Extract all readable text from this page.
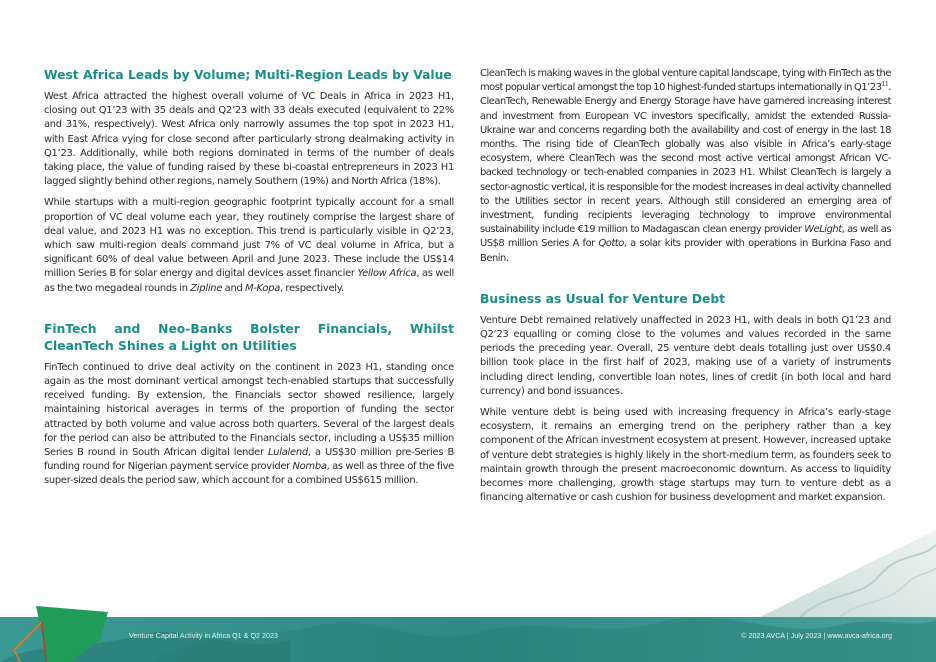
West Africa Leads by Volume; Multi-Region Leads by Value

West Africa attracted the highest overall volume of VC Deals in Africa in 2023 H1, closing out Q1’23 with 35 deals and Q2’23 with 33 deals executed (equivalent to 22% and 31%, respectively). West Africa only narrowly assumes the top spot in 2023 H1, with East Africa vying for close second after particularly strong dealmaking activity in Q1’23. Additionally, while both regions dominated in terms of the number of deals taking place, the value of funding raised by these bi-coastal entrepreneurs in 2023 H1 lagged slightly behind other regions, namely Southern (19%) and North Africa (18%).

While startups with a multi-region geographic footprint typically account for a small proportion of VC deal volume each year, they routinely comprise the largest share of deal value, and 2023 H1 was no exception. This trend is particularly visible in Q2’23, which saw multi-region deals command just 7% of VC deal volume in Africa, but a significant 60% of deal value between April and June 2023. These include the US$14 million Series B for solar energy and digital devices asset financier Yellow Africa, as well as the two megadeal rounds in Zipline and M-Kopa, respectively.

FinTech and Neo-Banks Bolster Financials, Whilst CleanTech Shines a Light on Utilities

FinTech continued to drive deal activity on the continent in 2023 H1, standing once again as the most dominant vertical amongst tech-enabled startups that successfully received funding. By extension, the Financials sector showed resilience, largely maintaining historical averages in terms of the proportion of funding the sector attracted by both volume and value across both quarters. Several of the largest deals for the period can also be attributed to the Financials sector, including a US$35 million Series B round in South African digital lender Lulalend, a US$30 million pre-Series B funding round for Nigerian payment service provider Nomba, as well as three of the five super-sized deals the period saw, which account for a combined US$615 million.

CleanTech is making waves in the global venture capital landscape, tying with FinTech as the most popular vertical amongst the top 10 highest-funded startups internationally in $Q1’23^{11}$. CleanTech, Renewable Energy and Energy Storage have have garnered increasing interest and investment from European VC investors specifically, amidst the extended Russia-Ukraine war and concerns regarding both the availability and cost of energy in the last 18 months. The rising tide of CleanTech globally was also visible in Africa’s early-stage ecosystem, where CleanTech was the second most active vertical amongst African VC-backed technology or tech-enabled companies in 2023 H1. Whilst CleanTech is largely a sector-agnostic vertical, it is responsible for the modest increases in deal activity channelled to the Utilities sector in recent years. Although still considered an emerging area of investment, funding recipients leveraging technology to improve environmental sustainability include €19 million to Madagascan clean energy provider WeLight, as well as US$8 million Series A for Qotto, a solar kits provider with operations in Burkina Faso and Benin.

Business as Usual for Venture Debt

Venture Debt remained relatively unaffected in 2023 H1, with deals in both Q1’23 and Q2’23 equalling or coming close to the volumes and values recorded in the same periods the preceding year. Overall, 25 venture debt deals totalling just over US$0.4 billion took place in the first half of 2023, making use of a variety of instruments including direct lending, convertible loan notes, lines of credit (in both local and hard currency) and bond issuances.

While venture debt is being used with increasing frequency in Africa’s early-stage ecosystem, it remains an emerging trend on the periphery rather than a key component of the African investment ecosystem at present. However, increased uptake of venture debt strategies is highly likely in the short-medium term, as founders seek to maintain growth through the present macroeconomic downturn. As access to liquidity becomes more challenging, growth stage startups may turn to venture debt as a financing alternative or cash cushion for business development and market expansion.

Venture Capital Activity in Africa Q1 & Q2 2023	© 2023 AVCA | July 2023 | www.avca-africa.org
